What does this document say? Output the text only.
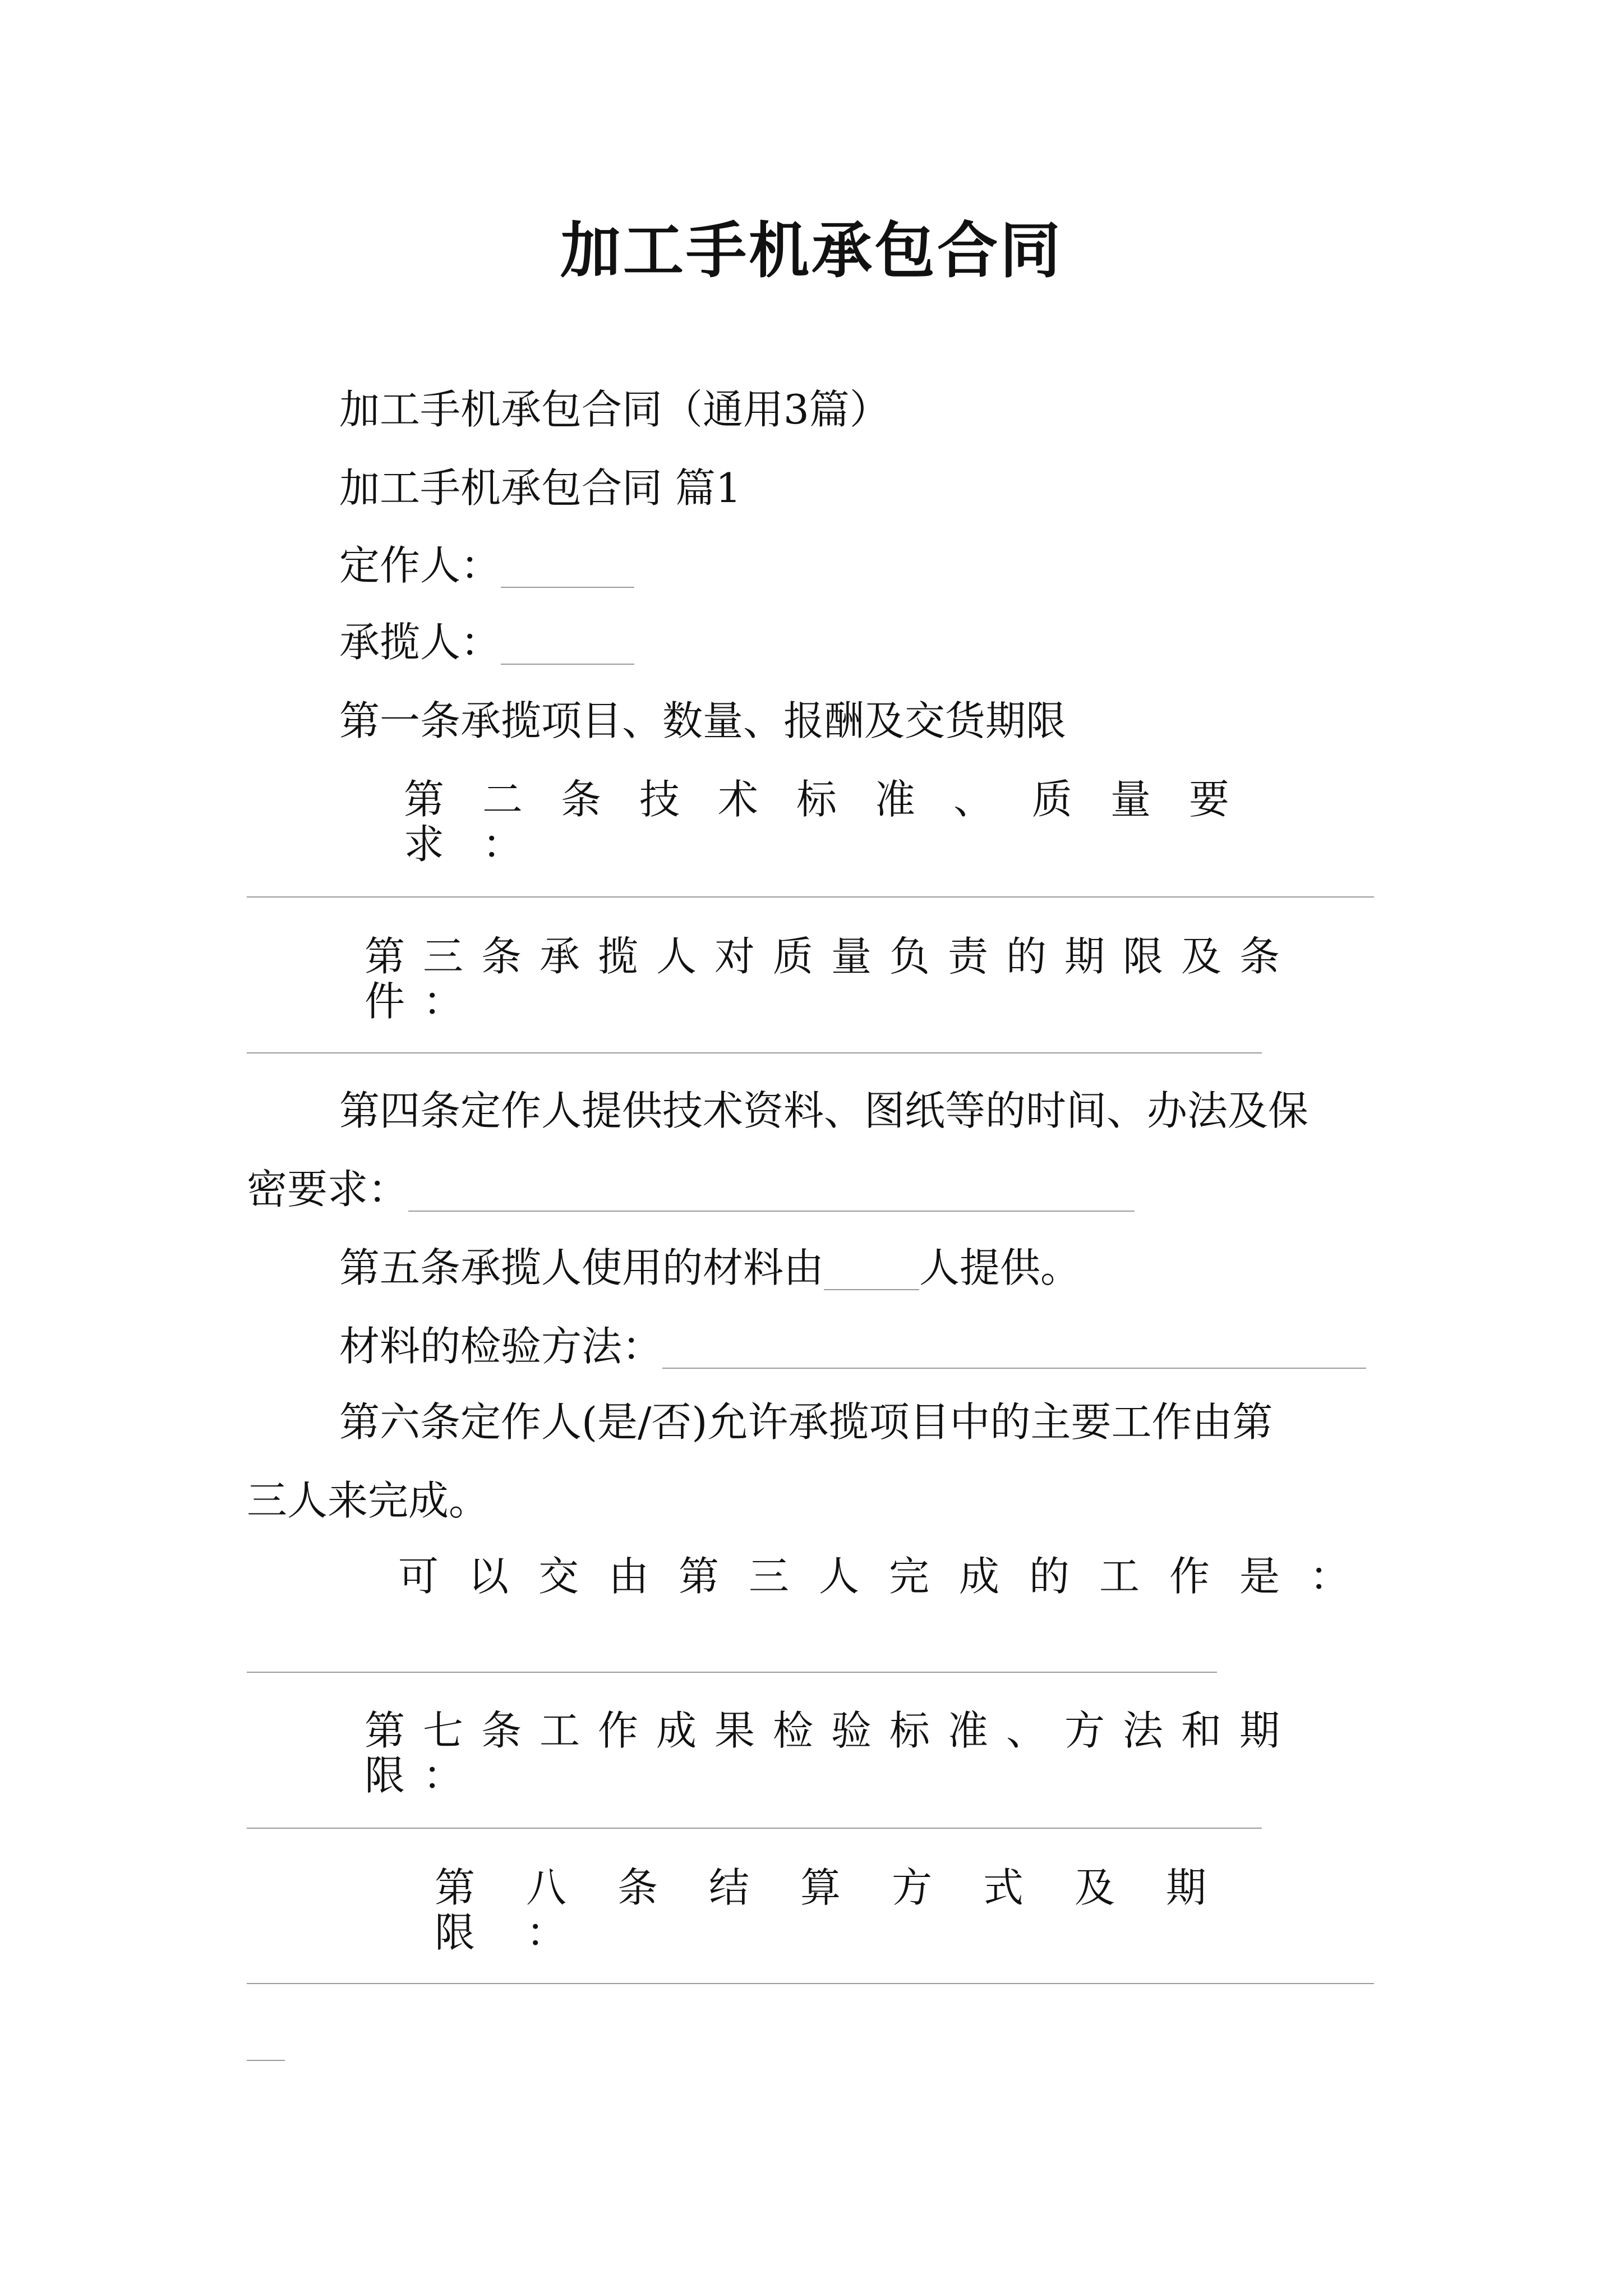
加工手机承包合同
加工手机承包合同（通用3篇）
加工手机承包合同 篇1
定作人：
承揽人：
第一条承揽项目、数量、报酬及交货期限
第二条技术标准、质量要求：
第三条承揽人对质量负责的期限及条件：
第四条定作人提供技术资料、图纸等的时间、办法及保
密要求：
第五条承揽人使用的材料由 人提供。
材料的检验方法：
第六条定作人(是/否)允许承揽项目中的主要工作由第
三人来完成。
可以交由第三人完成的工作是：
第七条工作成果检验标准、方法和期限：
第八条结算方式及期限：
